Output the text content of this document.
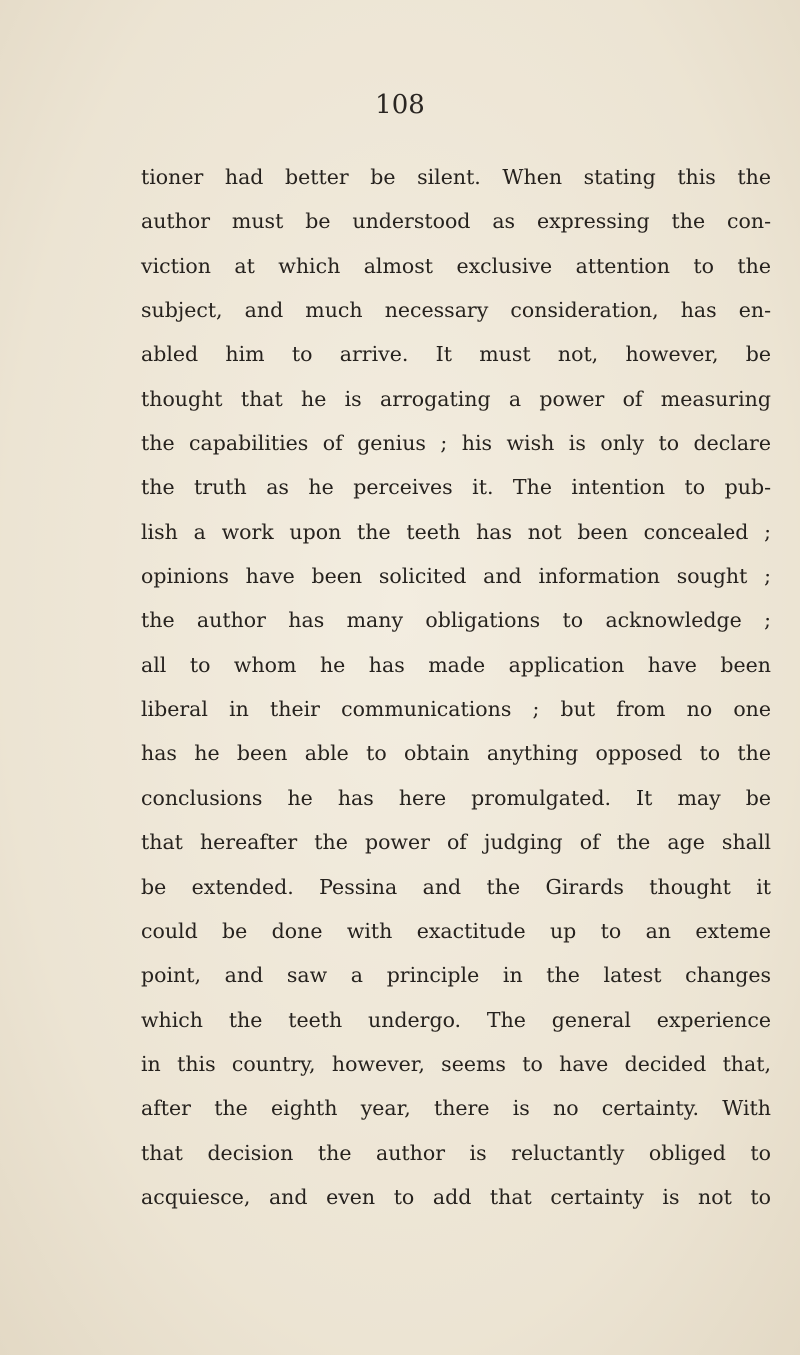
108
tioner had better be silent. When stating this the
author must be understood as expressing the con-
viction at which almost exclusive attention to the
subject, and much necessary consideration, has en-
abled him to arrive. It must not, however, be
thought that he is arrogating a power of measuring
the capabilities of genius ; his wish is only to declare
the truth as he perceives it. The intention to pub-
lish a work upon the teeth has not been concealed ;
opinions have been solicited and information sought ;
the author has many obligations to acknowledge ;
all to whom he has made application have been
liberal in their communications ; but from no one
has he been able to obtain anything opposed to the
conclusions he has here promulgated. It may be
that hereafter the power of judging of the age shall
be extended. Pessina and the Girards thought it
could be done with exactitude up to an exteme
point, and saw a principle in the latest changes
which the teeth undergo. The general experience
in this country, however, seems to have decided that,
after the eighth year, there is no certainty. With
that decision the author is reluctantly obliged to
acquiesce, and even to add that certainty is not to
